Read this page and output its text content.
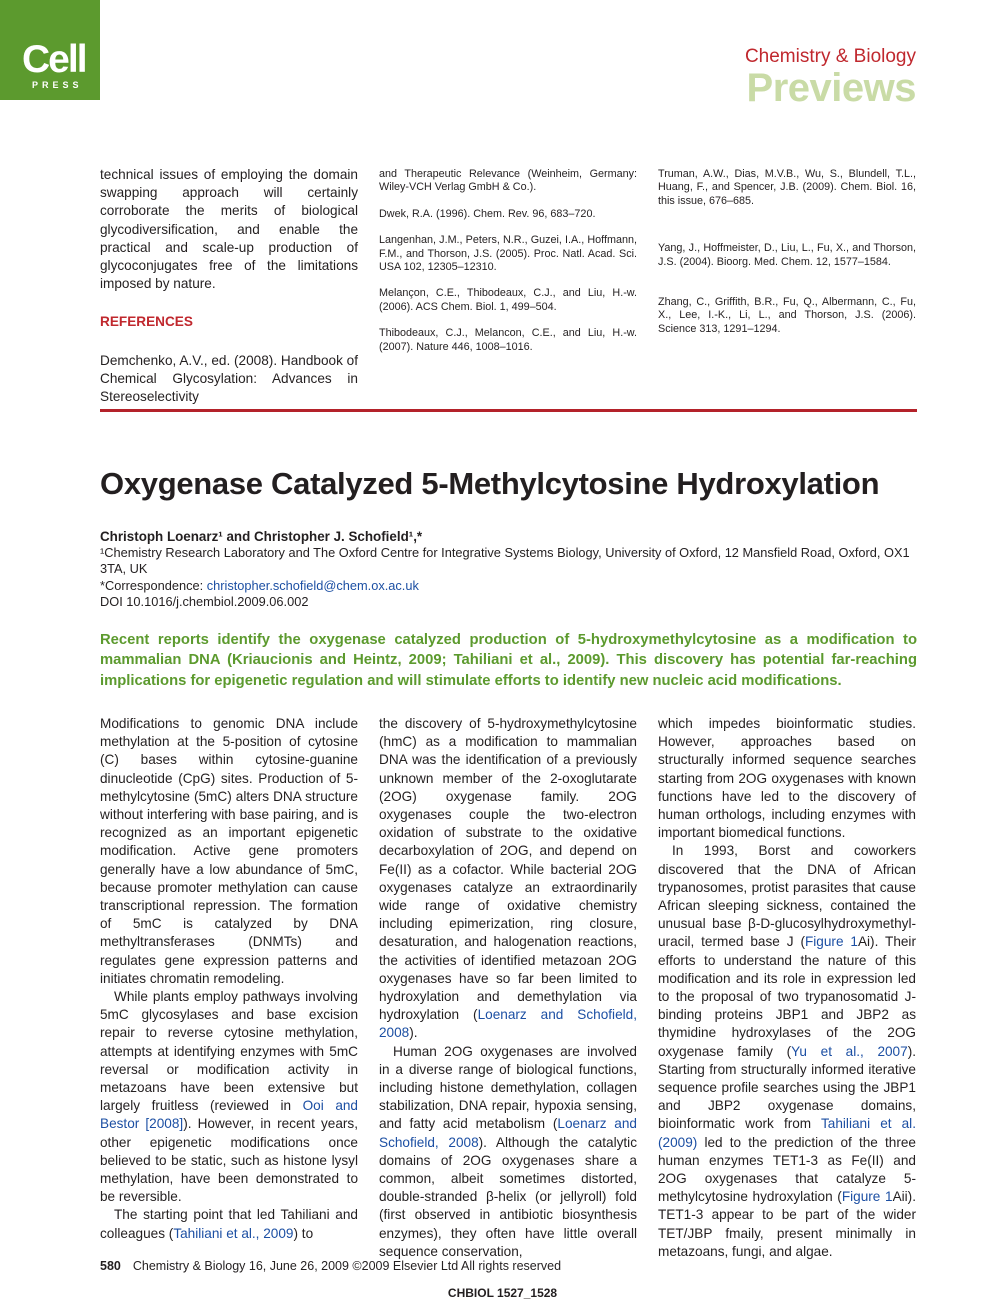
Cell
PRESS
Chemistry & Biology
Previews

technical issues of employing the domain swapping approach will certainly corroborate the merits of biological glycodiversification, and enable the practical and scale-up production of glycoconjugates free of the limitations imposed by nature.

REFERENCES

Demchenko, A.V., ed. (2008). Handbook of Chemical Glycosylation: Advances in Stereoselectivity

and Therapeutic Relevance (Weinheim, Germany: Wiley-VCH Verlag GmbH & Co.).

Dwek, R.A. (1996). Chem. Rev. 96, 683–720.

Langenhan, J.M., Peters, N.R., Guzei, I.A., Hoffmann, F.M., and Thorson, J.S. (2005). Proc. Natl. Acad. Sci. USA 102, 12305–12310.

Melançon, C.E., Thibodeaux, C.J., and Liu, H.-w. (2006). ACS Chem. Biol. 1, 499–504.

Thibodeaux, C.J., Melancon, C.E., and Liu, H.-w. (2007). Nature 446, 1008–1016.

Truman, A.W., Dias, M.V.B., Wu, S., Blundell, T.L., Huang, F., and Spencer, J.B. (2009). Chem. Biol. 16, this issue, 676–685.

Yang, J., Hoffmeister, D., Liu, L., Fu, X., and Thorson, J.S. (2004). Bioorg. Med. Chem. 12, 1577–1584.

Zhang, C., Griffith, B.R., Fu, Q., Albermann, C., Fu, X., Lee, I.-K., Li, L., and Thorson, J.S. (2006). Science 313, 1291–1294.

Oxygenase Catalyzed 5-Methylcytosine Hydroxylation
Christoph Loenarz¹ and Christopher J. Schofield¹,*
¹Chemistry Research Laboratory and The Oxford Centre for Integrative Systems Biology, University of Oxford, 12 Mansfield Road, Oxford, OX1 3TA, UK
*Correspondence: christopher.schofield@chem.ox.ac.uk
DOI 10.1016/j.chembiol.2009.06.002

Recent reports identify the oxygenase catalyzed production of 5-hydroxymethylcytosine as a modification to mammalian DNA (Kriaucionis and Heintz, 2009; Tahiliani et al., 2009). This discovery has potential far-reaching implications for epigenetic regulation and will stimulate efforts to identify new nucleic acid modifications.

Modifications to genomic DNA include methylation at the 5-position of cytosine (C) bases within cytosine-guanine dinucleotide (CpG) sites. Production of 5-methylcytosine (5mC) alters DNA structure without interfering with base pairing, and is recognized as an important epigenetic modification. Active gene promoters generally have a low abundance of 5mC, because promoter methylation can cause transcriptional repression. The formation of 5mC is catalyzed by DNA methyltransferases (DNMTs) and regulates gene expression patterns and initiates chromatin remodeling.

While plants employ pathways involving 5mC glycosylases and base excision repair to reverse cytosine methylation, attempts at identifying enzymes with 5mC reversal or modification activity in metazoans have been extensive but largely fruitless (reviewed in Ooi and Bestor [2008]). However, in recent years, other epigenetic modifications once believed to be static, such as histone lysyl methylation, have been demonstrated to be reversible.

The starting point that led Tahiliani and colleagues (Tahiliani et al., 2009) to

the discovery of 5-hydroxymethylcytosine (hmC) as a modification to mammalian DNA was the identification of a previously unknown member of the 2-oxoglutarate (2OG) oxygenase family. 2OG oxygenases couple the two-electron oxidation of substrate to the oxidative decarboxylation of 2OG, and depend on Fe(II) as a cofactor. While bacterial 2OG oxygenases catalyze an extraordinarily wide range of oxidative chemistry including epimerization, ring closure, desaturation, and halogenation reactions, the activities of identified metazoan 2OG oxygenases have so far been limited to hydroxylation and demethylation via hydroxylation (Loenarz and Schofield, 2008).

Human 2OG oxygenases are involved in a diverse range of biological functions, including histone demethylation, collagen stabilization, DNA repair, hypoxia sensing, and fatty acid metabolism (Loenarz and Schofield, 2008). Although the catalytic domains of 2OG oxygenases share a common, albeit sometimes distorted, double-stranded β-helix (or jellyroll) fold (first observed in antibiotic biosynthesis enzymes), they often have little overall sequence conservation,

which impedes bioinformatic studies. However, approaches based on structurally informed sequence searches starting from 2OG oxygenases with known functions have led to the discovery of human orthologs, including enzymes with important biomedical functions.

In 1993, Borst and coworkers discovered that the DNA of African trypanosomes, protist parasites that cause African sleeping sickness, contained the unusual base β-D-glucosylhydroxymethyl-uracil, termed base J (Figure 1Ai). Their efforts to understand the nature of this modification and its role in expression led to the proposal of two trypanosomatid J-binding proteins JBP1 and JBP2 as thymidine hydroxylases of the 2OG oxygenase family (Yu et al., 2007). Starting from structurally informed iterative sequence profile searches using the JBP1 and JBP2 oxygenase domains, bioinformatic work from Tahiliani et al. (2009) led to the prediction of the three human enzymes TET1-3 as Fe(II) and 2OG oxygenases that catalyze 5-methylcytosine hydroxylation (Figure 1Aii). TET1-3 appear to be part of the wider TET/JBP fmaily, present minimally in metazoans, fungi, and algae.

580 Chemistry & Biology 16, June 26, 2009 ©2009 Elsevier Ltd All rights reserved
CHBIOL 1527_1528
